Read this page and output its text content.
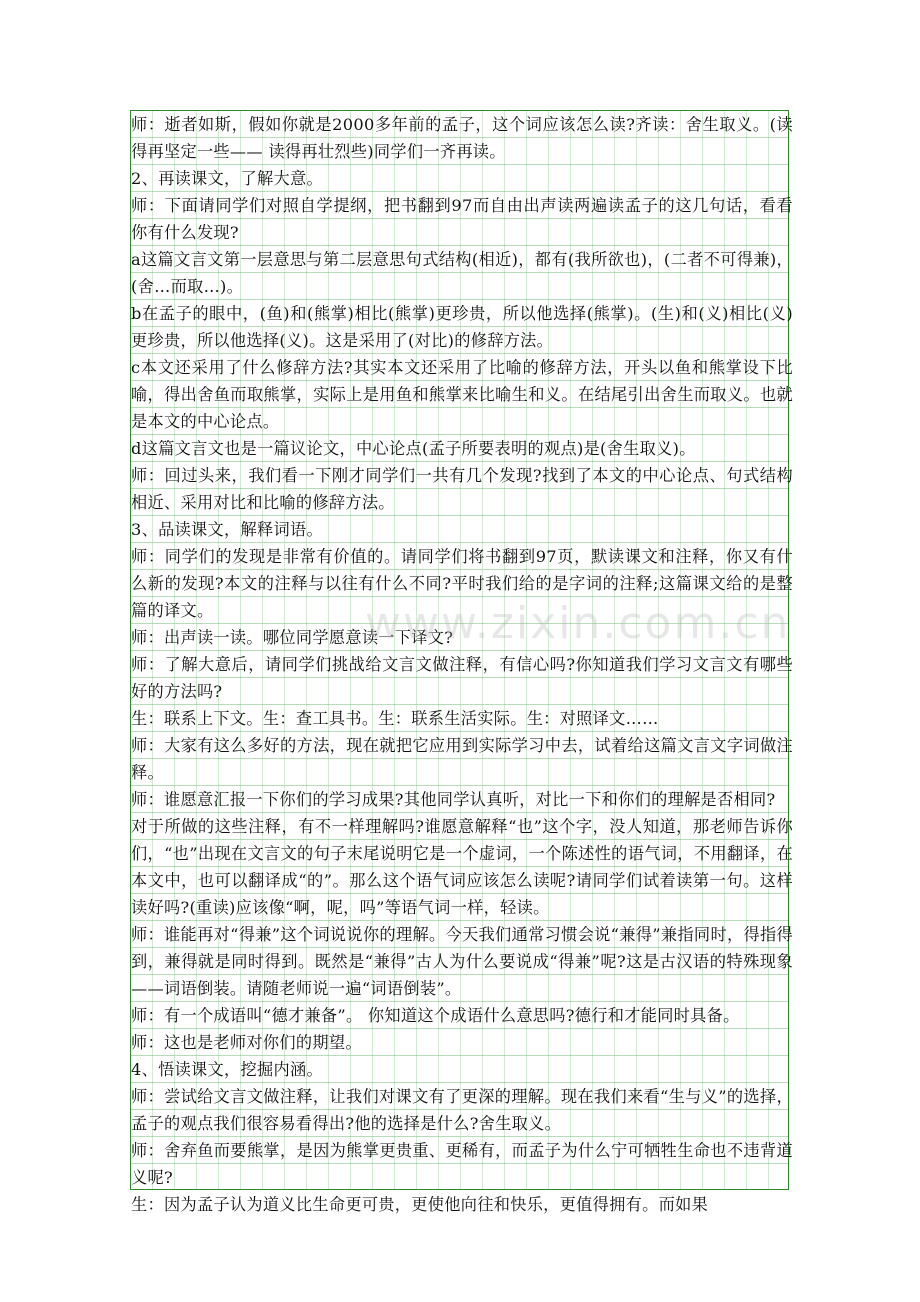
师：逝者如斯，假如你就是2000多年前的孟子，这个词应该怎么读?齐读：舍生取义。(读得再坚定一些—— 读得再壮烈些)同学们一齐再读。

2、再读课文，了解大意。

师：下面请同学们对照自学提纲，把书翻到97而自由出声读两遍读孟子的这几句话，看看你有什么发现?

a这篇文言文第一层意思与第二层意思句式结构(相近)，都有(我所欲也)，(二者不可得兼)，(舍…而取…)。

b在孟子的眼中，(鱼)和(熊掌)相比(熊掌)更珍贵，所以他选择(熊掌)。(生)和(义)相比(义)更珍贵，所以他选择(义)。这是采用了(对比)的修辞方法。

c本文还采用了什么修辞方法?其实本文还采用了比喻的修辞方法，开头以鱼和熊掌设下比喻，得出舍鱼而取熊掌，实际上是用鱼和熊掌来比喻生和义。在结尾引出舍生而取义。也就是本文的中心论点。

d这篇文言文也是一篇议论文，中心论点(孟子所要表明的观点)是(舍生取义)。

师：回过头来，我们看一下刚才同学们一共有几个发现?找到了本文的中心论点、句式结构相近、采用对比和比喻的修辞方法。

3、品读课文，解释词语。

师：同学们的发现是非常有价值的。请同学们将书翻到97页，默读课文和注释，你又有什么新的发现?本文的注释与以往有什么不同?平时我们给的是字词的注释;这篇课文给的是整篇的译文。

师：出声读一读。哪位同学愿意读一下译文?

师：了解大意后，请同学们挑战给文言文做注释，有信心吗?你知道我们学习文言文有哪些好的方法吗?

生：联系上下文。生：查工具书。生：联系生活实际。生：对照译文……

师：大家有这么多好的方法，现在就把它应用到实际学习中去，试着给这篇文言文字词做注释。

师：谁愿意汇报一下你们的学习成果?其他同学认真听，对比一下和你们的理解是否相同?

对于所做的这些注释，有不一样理解吗?谁愿意解释“也”这个字，没人知道，那老师告诉你们，“也”出现在文言文的句子末尾说明它是一个虚词，一个陈述性的语气词，不用翻译，在本文中，也可以翻译成“的”。那么这个语气词应该怎么读呢?请同学们试着读第一句。这样读好吗?(重读)应该像“啊，呢，吗”等语气词一样，轻读。

师：谁能再对“得兼”这个词说说你的理解。今天我们通常习惯会说“兼得”兼指同时，得指得到，兼得就是同时得到。既然是“兼得”古人为什么要说成“得兼”呢?这是古汉语的特殊现象——词语倒装。请随老师说一遍“词语倒装”。

师：有一个成语叫“德才兼备”。 你知道这个成语什么意思吗?德行和才能同时具备。

师：这也是老师对你们的期望。

4、悟读课文，挖掘内涵。

师：尝试给文言文做注释，让我们对课文有了更深的理解。现在我们来看“生与义”的选择，孟子的观点我们很容易看得出?他的选择是什么?舍生取义。

师：舍弃鱼而要熊掌，是因为熊掌更贵重、更稀有，而孟子为什么宁可牺牲生命也不违背道义呢?

生：因为孟子认为道义比生命更可贵，更使他向往和快乐，更值得拥有。而如果

www.zixin.com.cn
